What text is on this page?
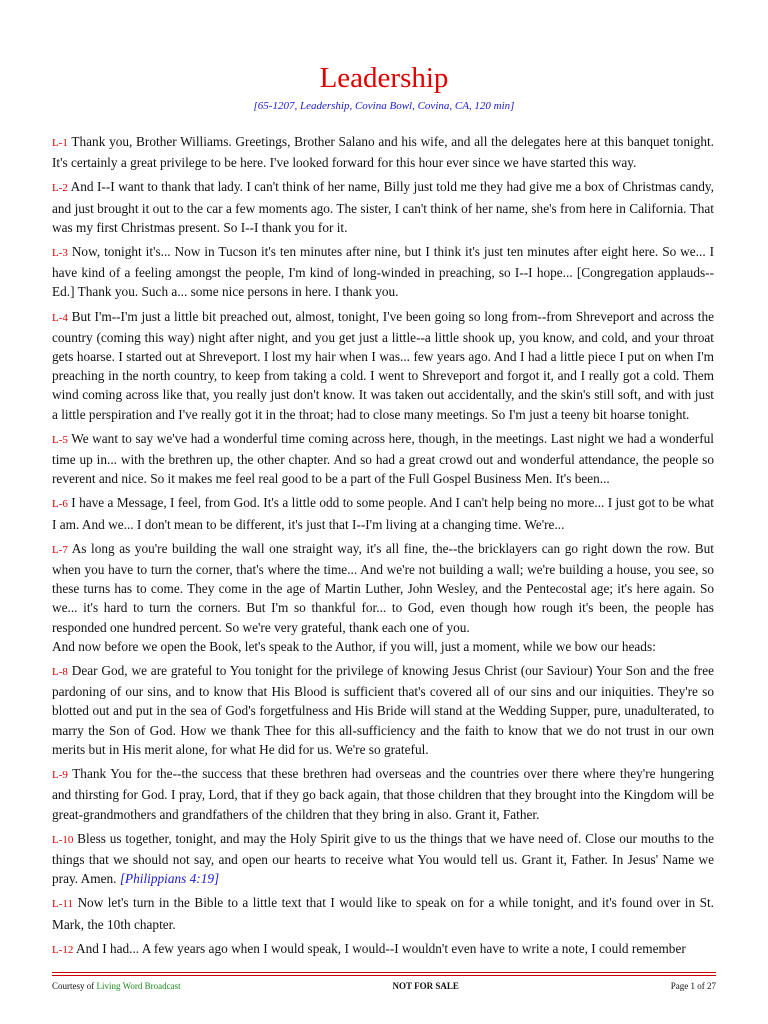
Leadership
[65-1207, Leadership, Covina Bowl, Covina, CA, 120 min]

L-1 Thank you, Brother Williams. Greetings, Brother Salano and his wife, and all the delegates here at this banquet tonight. It's certainly a great privilege to be here. I've looked forward for this hour ever since we have started this way.

L-2 And I--I want to thank that lady. I can't think of her name, Billy just told me they had give me a box of Christmas candy, and just brought it out to the car a few moments ago. The sister, I can't think of her name, she's from here in California. That was my first Christmas present. So I--I thank you for it.

L-3 Now, tonight it's... Now in Tucson it's ten minutes after nine, but I think it's just ten minutes after eight here. So we... I have kind of a feeling amongst the people, I'm kind of long-winded in preaching, so I--I hope... [Congregation applauds--Ed.] Thank you. Such a... some nice persons in here. I thank you.

L-4 But I'm--I'm just a little bit preached out, almost, tonight, I've been going so long from--from Shreveport and across the country (coming this way) night after night, and you get just a little--a little shook up, you know, and cold, and your throat gets hoarse. I started out at Shreveport. I lost my hair when I was... few years ago. And I had a little piece I put on when I'm preaching in the north country, to keep from taking a cold. I went to Shreveport and forgot it, and I really got a cold. Them wind coming across like that, you really just don't know. It was taken out accidentally, and the skin's still soft, and with just a little perspiration and I've really got it in the throat; had to close many meetings. So I'm just a teeny bit hoarse tonight.

L-5 We want to say we've had a wonderful time coming across here, though, in the meetings. Last night we had a wonderful time up in... with the brethren up, the other chapter. And so had a great crowd out and wonderful attendance, the people so reverent and nice. So it makes me feel real good to be a part of the Full Gospel Business Men. It's been...

L-6 I have a Message, I feel, from God. It's a little odd to some people. And I can't help being no more... I just got to be what I am. And we... I don't mean to be different, it's just that I--I'm living at a changing time. We're...

L-7 As long as you're building the wall one straight way, it's all fine, the--the bricklayers can go right down the row. But when you have to turn the corner, that's where the time... And we're not building a wall; we're building a house, you see, so these turns has to come. They come in the age of Martin Luther, John Wesley, and the Pentecostal age; it's here again. So we... it's hard to turn the corners. But I'm so thankful for... to God, even though how rough it's been, the people has responded one hundred percent. So we're very grateful, thank each one of you.

And now before we open the Book, let's speak to the Author, if you will, just a moment, while we bow our heads:

L-8 Dear God, we are grateful to You tonight for the privilege of knowing Jesus Christ (our Saviour) Your Son and the free pardoning of our sins, and to know that His Blood is sufficient that's covered all of our sins and our iniquities. They're so blotted out and put in the sea of God's forgetfulness and His Bride will stand at the Wedding Supper, pure, unadulterated, to marry the Son of God. How we thank Thee for this all-sufficiency and the faith to know that we do not trust in our own merits but in His merit alone, for what He did for us. We're so grateful.

L-9 Thank You for the--the success that these brethren had overseas and the countries over there where they're hungering and thirsting for God. I pray, Lord, that if they go back again, that those children that they brought into the Kingdom will be great-grandmothers and grandfathers of the children that they bring in also. Grant it, Father.

L-10 Bless us together, tonight, and may the Holy Spirit give to us the things that we have need of. Close our mouths to the things that we should not say, and open our hearts to receive what You would tell us. Grant it, Father. In Jesus' Name we pray. Amen. [Philippians 4:19]

L-11 Now let's turn in the Bible to a little text that I would like to speak on for a while tonight, and it's found over in St. Mark, the 10th chapter.

L-12 And I had... A few years ago when I would speak, I would--I wouldn't even have to write a note, I could remember

Courtesy of Living Word Broadcast	NOT FOR SALE	Page 1 of 27
